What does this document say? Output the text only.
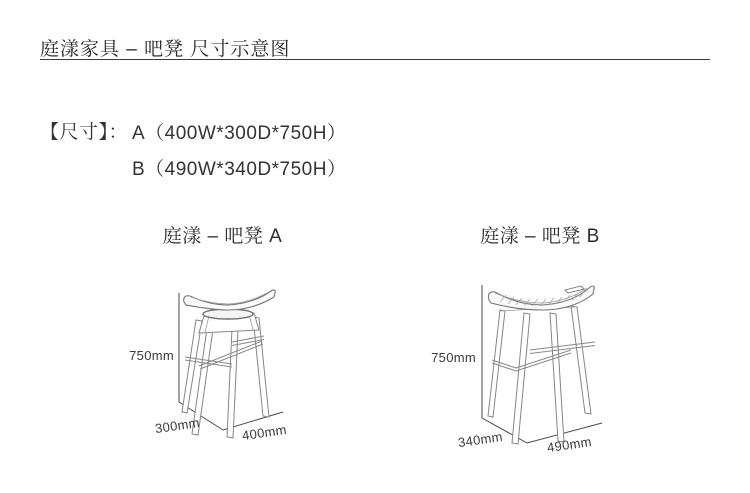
庭漾家具 – 吧凳 尺寸示意图
【尺寸】： A（400W*300D*750H）
B（490W*340D*750H）
庭漾 – 吧凳 A	庭漾 – 吧凳 B
750mm
300mm	400mm
750mm
340mm	490mm
